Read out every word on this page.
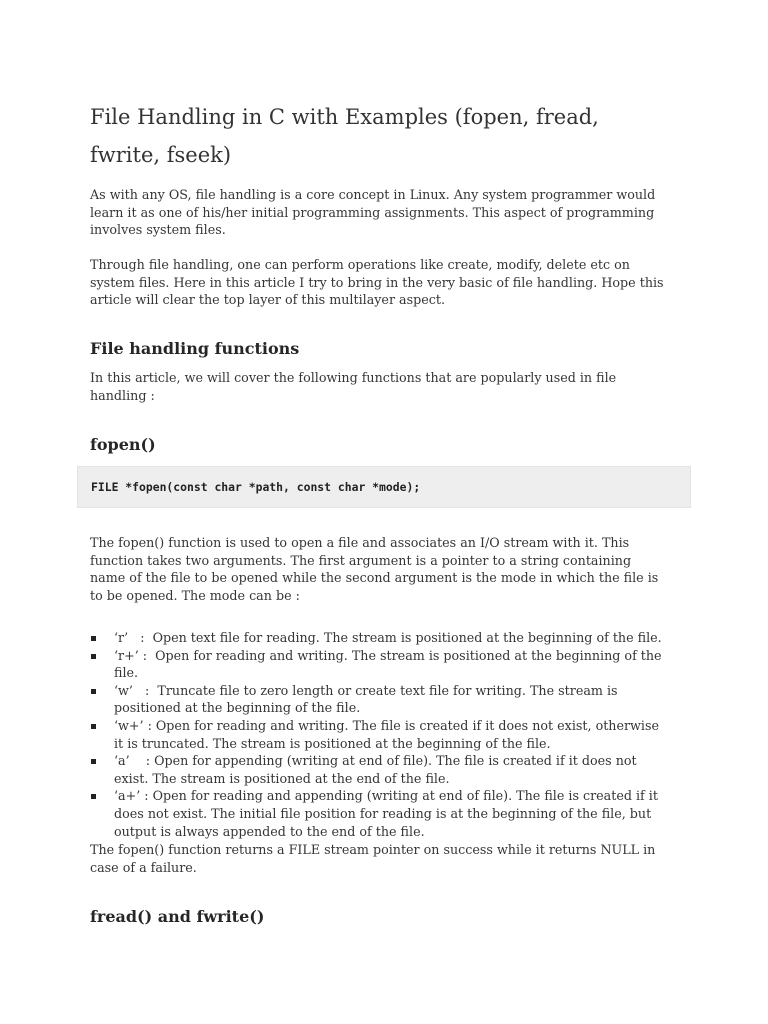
File Handling in C with Examples (fopen, fread,
fwrite, fseek)

As with any OS, file handling is a core concept in Linux. Any system programmer would
learn it as one of his/her initial programming assignments. This aspect of programming
involves system files.

Through file handling, one can perform operations like create, modify, delete etc on
system files. Here in this article I try to bring in the very basic of file handling. Hope this
article will clear the top layer of this multilayer aspect.

File handling functions

In this article, we will cover the following functions that are popularly used in file
handling :

fopen()
FILE *fopen(const char *path, const char *mode);

The fopen() function is used to open a file and associates an I/O stream with it. This
function takes two arguments. The first argument is a pointer to a string containing
name of the file to be opened while the second argument is the mode in which the file is
to be opened. The mode can be :

‘r’   :  Open text file for reading. The stream is positioned at the beginning of the file.
‘r+’ :  Open for reading and writing. The stream is positioned at the beginning of the
file.
‘w’   :  Truncate file to zero length or create text file for writing. The stream is
positioned at the beginning of the file.
‘w+’ : Open for reading and writing. The file is created if it does not exist, otherwise
it is truncated. The stream is positioned at the beginning of the file.
‘a’    : Open for appending (writing at end of file). The file is created if it does not
exist. The stream is positioned at the end of the file.
‘a+’ : Open for reading and appending (writing at end of file). The file is created if it
does not exist. The initial file position for reading is at the beginning of the file, but
output is always appended to the end of the file.

The fopen() function returns a FILE stream pointer on success while it returns NULL in
case of a failure.

fread() and fwrite()
